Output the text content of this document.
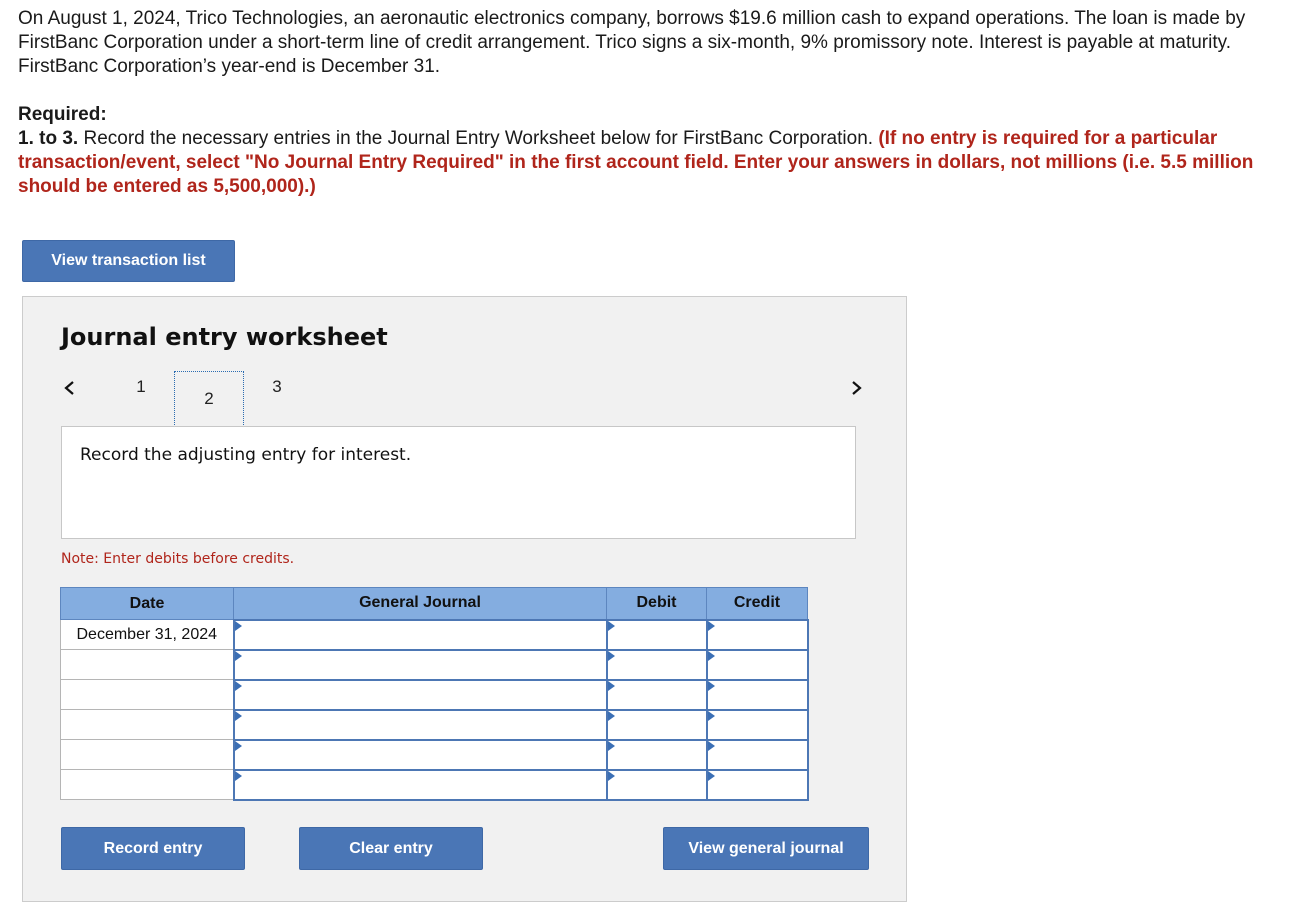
On August 1, 2024, Trico Technologies, an aeronautic electronics company, borrows $19.6 million cash to expand operations. The loan is made by FirstBanc Corporation under a short-term line of credit arrangement. Trico signs a six-month, 9% promissory note. Interest is payable at maturity. FirstBanc Corporation’s year-end is December 31.

Required:
1. to 3. Record the necessary entries in the Journal Entry Worksheet below for FirstBanc Corporation. (If no entry is required for a particular transaction/event, select "No Journal Entry Required" in the first account field. Enter your answers in dollars, not millions (i.e. 5.5 million should be entered as 5,500,000).)

View transaction list
Journal entry worksheet
1
2
3
Record the adjusting entry for interest.
Note: Enter debits before credits.
Date	General Journal	Debit	Credit
December 31, 2024			

Record entry	Clear entry	View general journal
